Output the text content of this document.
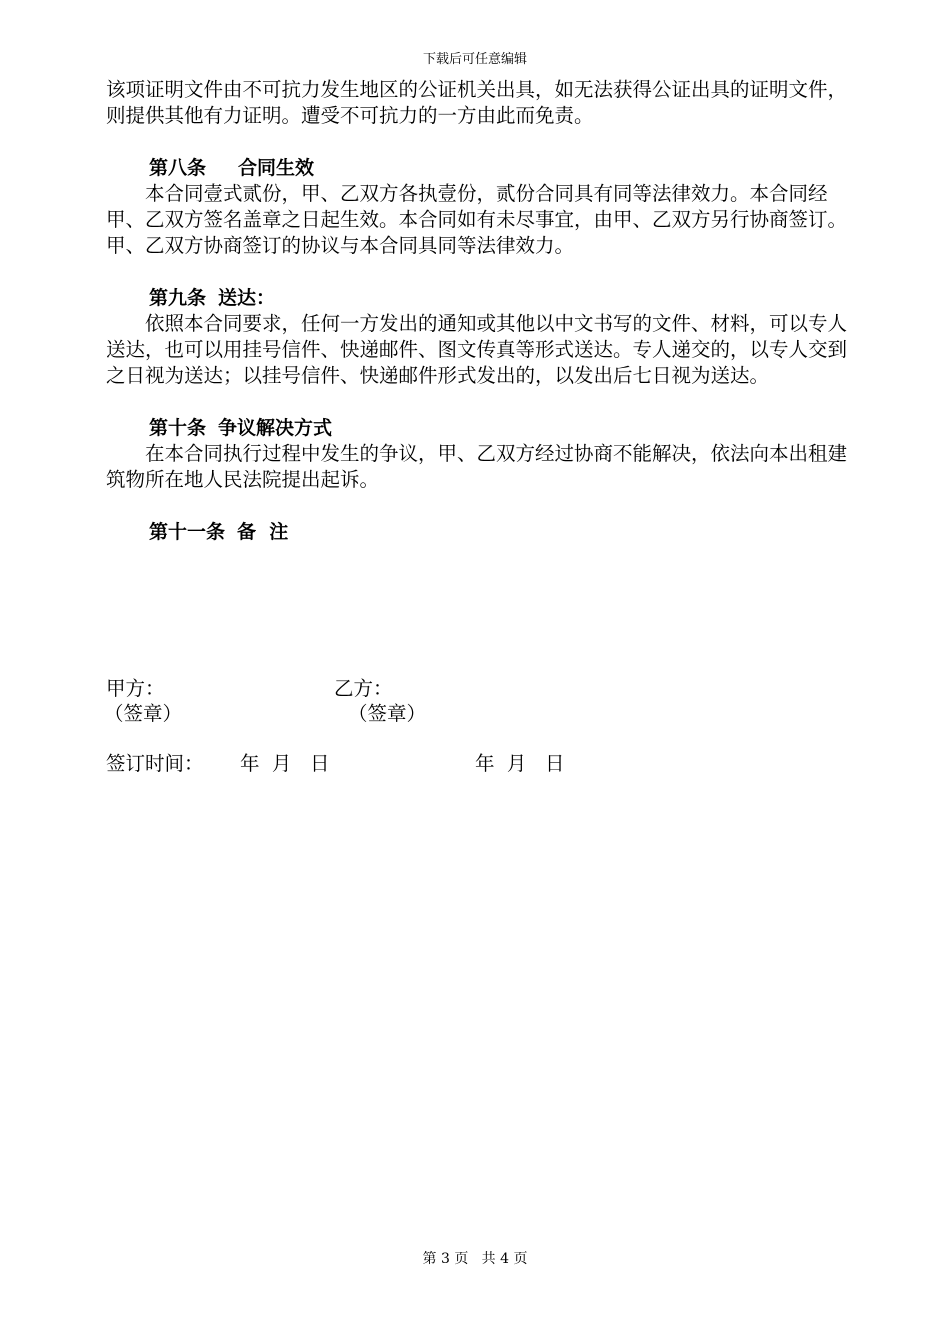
下载后可任意编辑

该项证明文件由不可抗力发生地区的公证机关出具，如无法获得公证出具的证明文件，则提供其他有力证明。遭受不可抗力的一方由此而免责。

第八条 合同生效

本合同壹式贰份，甲、乙双方各执壹份，贰份合同具有同等法律效力。本合同经甲、乙双方签名盖章之日起生效。本合同如有未尽事宜，由甲、乙双方另行协商签订。甲、乙双方协商签订的协议与本合同具同等法律效力。

第九条 送达：

依照本合同要求，任何一方发出的通知或其他以中文书写的文件、材料，可以专人送达，也可以用挂号信件、快递邮件、图文传真等形式送达。专人递交的，以专人交到之日视为送达；以挂号信件、快递邮件形式发出的，以发出后七日视为送达。

第十条 争议解决方式

在本合同执行过程中发生的争议，甲、乙双方经过协商不能解决，依法向本出租建筑物所在地人民法院提出起诉。

第十一条 备  注

甲方：	乙方：
（签章）	（签章）
签订时间： 年  月   日	年  月   日
第 3 页   共 4 页
